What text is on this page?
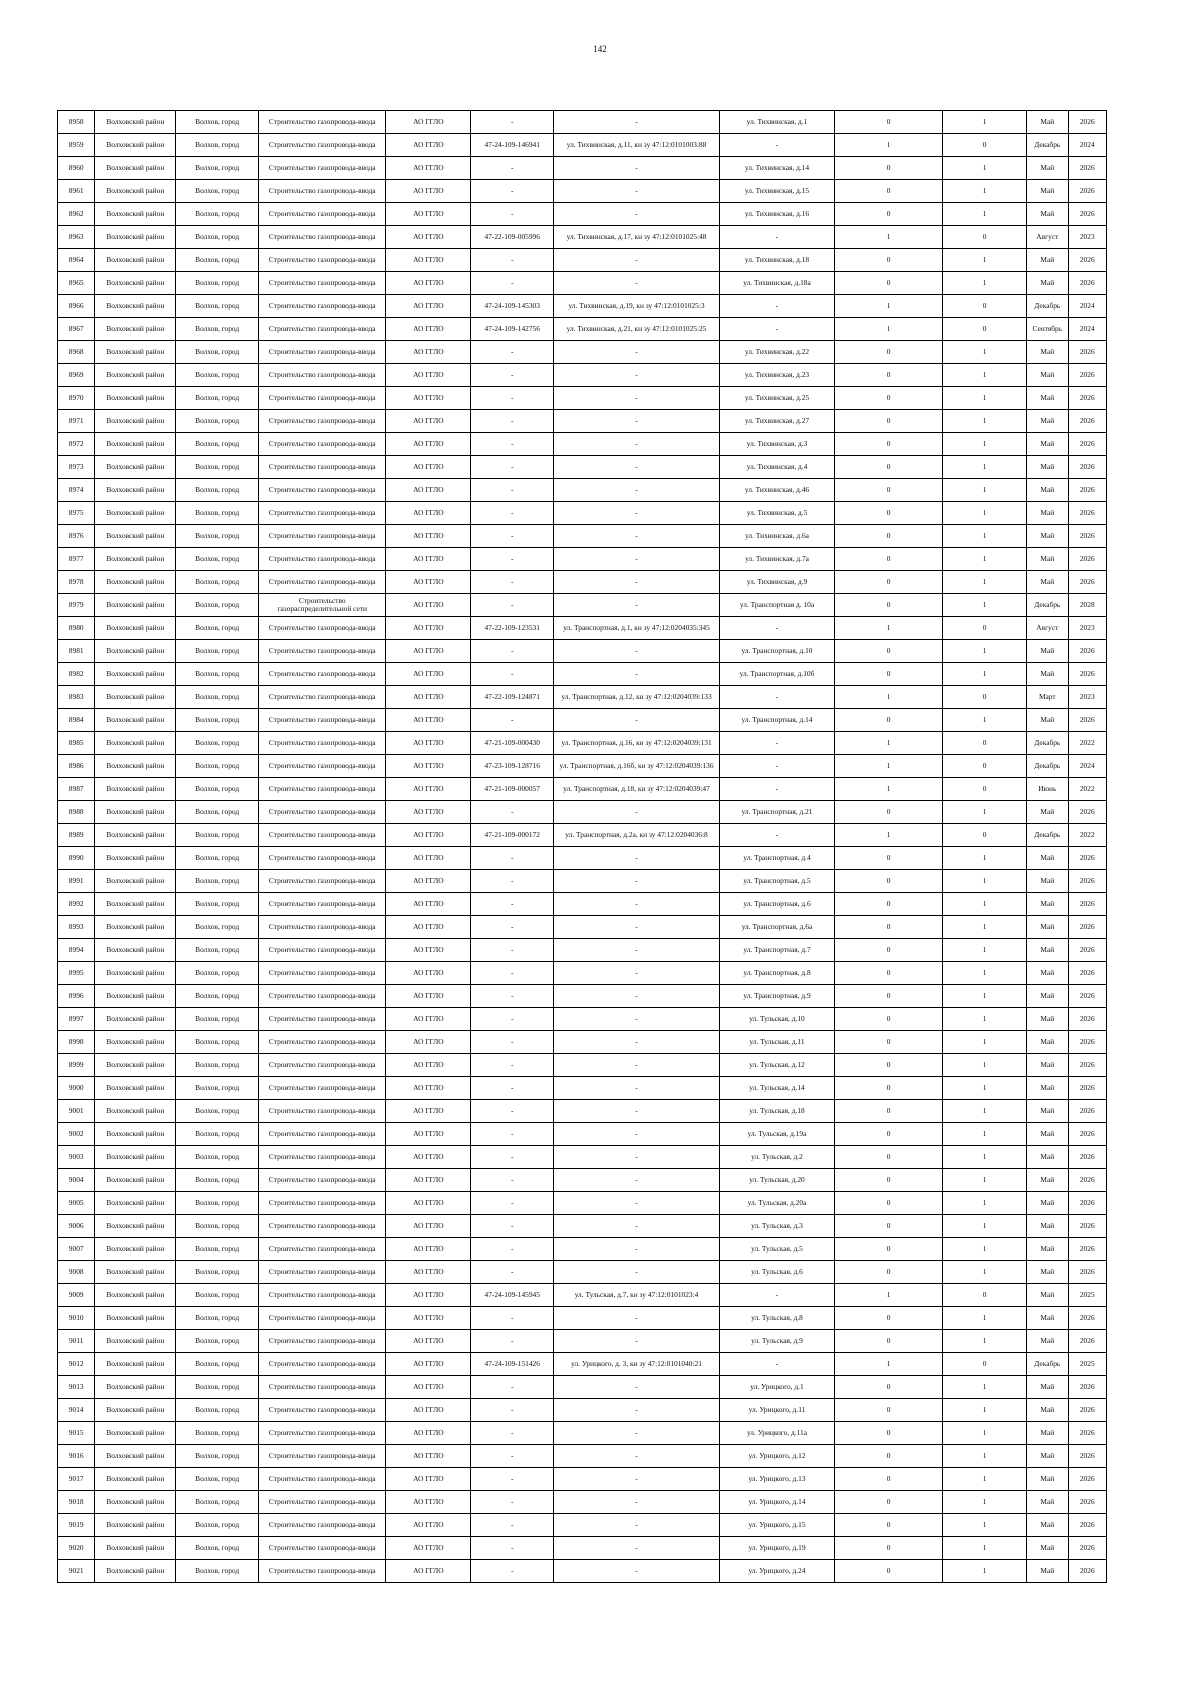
142
8958	Волховский район	Волхов, город	Строительство газопровода-ввода	АО ГГЛО	-	-	ул. Тихвинская, д.1	0	1	Май	2026
8959	Волховский район	Волхов, город	Строительство газопровода-ввода	АО ГГЛО	47-24-109-146941	ул. Тихвинская, д.11, кн зу 47:12:0101003:88	-	1	0	Декабрь	2024
8960	Волховский район	Волхов, город	Строительство газопровода-ввода	АО ГГЛО	-	-	ул. Тихвинская, д.14	0	1	Май	2026
8961	Волховский район	Волхов, город	Строительство газопровода-ввода	АО ГГЛО	-	-	ул. Тихвинская, д.15	0	1	Май	2026
8962	Волховский район	Волхов, город	Строительство газопровода-ввода	АО ГГЛО	-	-	ул. Тихвинская, д.16	0	1	Май	2026
8963	Волховский район	Волхов, город	Строительство газопровода-ввода	АО ГГЛО	47-22-109-005996	ул. Тихвинская, д.17, кн зу 47:12:0101025:48	-	1	0	Август	2023
8964	Волховский район	Волхов, город	Строительство газопровода-ввода	АО ГГЛО	-	-	ул. Тихвинская, д.18	0	1	Май	2026
8965	Волховский район	Волхов, город	Строительство газопровода-ввода	АО ГГЛО	-	-	ул. Тихвинская, д.18а	0	1	Май	2026
8966	Волховский район	Волхов, город	Строительство газопровода-ввода	АО ГГЛО	47-24-109-145303	ул. Тихвинская, д.19, кн зу 47:12:0101025:3	-	1	0	Декабрь	2024
8967	Волховский район	Волхов, город	Строительство газопровода-ввода	АО ГГЛО	47-24-109-142756	ул. Тихвинская, д.21, кн зу 47:12:0101025:25	-	1	0	Сентябрь	2024
8968	Волховский район	Волхов, город	Строительство газопровода-ввода	АО ГГЛО	-	-	ул. Тихвинская, д.22	0	1	Май	2026
8969	Волховский район	Волхов, город	Строительство газопровода-ввода	АО ГГЛО	-	-	ул. Тихвинская, д.23	0	1	Май	2026
8970	Волховский район	Волхов, город	Строительство газопровода-ввода	АО ГГЛО	-	-	ул. Тихвинская, д.25	0	1	Май	2026
8971	Волховский район	Волхов, город	Строительство газопровода-ввода	АО ГГЛО	-	-	ул. Тихвинская, д.27	0	1	Май	2026
8972	Волховский район	Волхов, город	Строительство газопровода-ввода	АО ГГЛО	-	-	ул. Тихвинская, д.3	0	1	Май	2026
8973	Волховский район	Волхов, город	Строительство газопровода-ввода	АО ГГЛО	-	-	ул. Тихвинская, д.4	0	1	Май	2026
8974	Волховский район	Волхов, город	Строительство газопровода-ввода	АО ГГЛО	-	-	ул. Тихвинская, д.46	0	1	Май	2026
8975	Волховский район	Волхов, город	Строительство газопровода-ввода	АО ГГЛО	-	-	ул. Тихвинская, д.5	0	1	Май	2026
8976	Волховский район	Волхов, город	Строительство газопровода-ввода	АО ГГЛО	-	-	ул. Тихвинская, д.6а	0	1	Май	2026
8977	Волховский район	Волхов, город	Строительство газопровода-ввода	АО ГГЛО	-	-	ул. Тихвинская, д.7а	0	1	Май	2026
8978	Волховский район	Волхов, город	Строительство газопровода-ввода	АО ГГЛО	-	-	ул. Тихвинская, д.9	0	1	Май	2026
8979	Волховский район	Волхов, город	Строительство газораспределительной сети	АО ГГЛО	-	-	ул. Транспортная д. 10а	0	1	Декабрь	2028
8980	Волховский район	Волхов, город	Строительство газопровода-ввода	АО ГГЛО	47-22-109-123531	ул. Транспортная, д.1, кн зу 47:12:0204035:345	-	1	0	Август	2023
8981	Волховский район	Волхов, город	Строительство газопровода-ввода	АО ГГЛО	-	-	ул. Транспортная, д.10	0	1	Май	2026
8982	Волховский район	Волхов, город	Строительство газопровода-ввода	АО ГГЛО	-	-	ул. Транспортная, д.10б	0	1	Май	2026
8983	Волховский район	Волхов, город	Строительство газопровода-ввода	АО ГГЛО	47-22-109-124871	ул. Транспортная, д.12, кн зу 47:12:0204039:133	-	1	0	Март	2023
8984	Волховский район	Волхов, город	Строительство газопровода-ввода	АО ГГЛО	-	-	ул. Транспортная, д.14	0	1	Май	2026
8985	Волховский район	Волхов, город	Строительство газопровода-ввода	АО ГГЛО	47-21-109-000430	ул. Транспортная, д.16, кн зу 47:12:0204039:131	-	1	0	Декабрь	2022
8986	Волховский район	Волхов, город	Строительство газопровода-ввода	АО ГГЛО	47-23-109-128716	ул. Транспортная, д.16б, кн зу 47:12:0204039:136	-	1	0	Декабрь	2024
8987	Волховский район	Волхов, город	Строительство газопровода-ввода	АО ГГЛО	47-21-109-000057	ул. Транспортная, д.18, кн зу 47:12:0204039:47	-	1	0	Июнь	2022
8988	Волховский район	Волхов, город	Строительство газопровода-ввода	АО ГГЛО	-	-	ул. Транспортная, д.21	0	1	Май	2026
8989	Волховский район	Волхов, город	Строительство газопровода-ввода	АО ГГЛО	47-21-109-000172	ул. Транспортная, д.2а, кн зу 47:12:0204036:8	-	1	0	Декабрь	2022
8990	Волховский район	Волхов, город	Строительство газопровода-ввода	АО ГГЛО	-	-	ул. Транспортная, д.4	0	1	Май	2026
8991	Волховский район	Волхов, город	Строительство газопровода-ввода	АО ГГЛО	-	-	ул. Транспортная, д.5	0	1	Май	2026
8992	Волховский район	Волхов, город	Строительство газопровода-ввода	АО ГГЛО	-	-	ул. Транспортная, д.6	0	1	Май	2026
8993	Волховский район	Волхов, город	Строительство газопровода-ввода	АО ГГЛО	-	-	ул. Транспортная, д.6а	0	1	Май	2026
8994	Волховский район	Волхов, город	Строительство газопровода-ввода	АО ГГЛО	-	-	ул. Транспортная, д.7	0	1	Май	2026
8995	Волховский район	Волхов, город	Строительство газопровода-ввода	АО ГГЛО	-	-	ул. Транспортная, д.8	0	1	Май	2026
8996	Волховский район	Волхов, город	Строительство газопровода-ввода	АО ГГЛО	-	-	ул. Транспортная, д.9	0	1	Май	2026
8997	Волховский район	Волхов, город	Строительство газопровода-ввода	АО ГГЛО	-	-	ул. Тульская, д.10	0	1	Май	2026
8998	Волховский район	Волхов, город	Строительство газопровода-ввода	АО ГГЛО	-	-	ул. Тульская, д.11	0	1	Май	2026
8999	Волховский район	Волхов, город	Строительство газопровода-ввода	АО ГГЛО	-	-	ул. Тульская, д.12	0	1	Май	2026
9000	Волховский район	Волхов, город	Строительство газопровода-ввода	АО ГГЛО	-	-	ул. Тульская, д.14	0	1	Май	2026
9001	Волховский район	Волхов, город	Строительство газопровода-ввода	АО ГГЛО	-	-	ул. Тульская, д.18	0	1	Май	2026
9002	Волховский район	Волхов, город	Строительство газопровода-ввода	АО ГГЛО	-	-	ул. Тульская, д.19а	0	1	Май	2026
9003	Волховский район	Волхов, город	Строительство газопровода-ввода	АО ГГЛО	-	-	ул. Тульская, д.2	0	1	Май	2026
9004	Волховский район	Волхов, город	Строительство газопровода-ввода	АО ГГЛО	-	-	ул. Тульская, д.20	0	1	Май	2026
9005	Волховский район	Волхов, город	Строительство газопровода-ввода	АО ГГЛО	-	-	ул. Тульская, д.20а	0	1	Май	2026
9006	Волховский район	Волхов, город	Строительство газопровода-ввода	АО ГГЛО	-	-	ул. Тульская, д.3	0	1	Май	2026
9007	Волховский район	Волхов, город	Строительство газопровода-ввода	АО ГГЛО	-	-	ул. Тульская, д.5	0	1	Май	2026
9008	Волховский район	Волхов, город	Строительство газопровода-ввода	АО ГГЛО	-	-	ул. Тульская, д.6	0	1	Май	2026
9009	Волховский район	Волхов, город	Строительство газопровода-ввода	АО ГГЛО	47-24-109-145945	ул. Тульская, д.7, кн зу 47:12:0101023:4	-	1	0	Май	2025
9010	Волховский район	Волхов, город	Строительство газопровода-ввода	АО ГГЛО	-	-	ул. Тульская, д.8	0	1	Май	2026
9011	Волховский район	Волхов, город	Строительство газопровода-ввода	АО ГГЛО	-	-	ул. Тульская, д.9	0	1	Май	2026
9012	Волховский район	Волхов, город	Строительство газопровода-ввода	АО ГГЛО	47-24-109-151426	ул. Урицкого, д. 3, кн зу 47:12:0101040:21	-	1	0	Декабрь	2025
9013	Волховский район	Волхов, город	Строительство газопровода-ввода	АО ГГЛО	-	-	ул. Урицкого, д.1	0	1	Май	2026
9014	Волховский район	Волхов, город	Строительство газопровода-ввода	АО ГГЛО	-	-	ул. Урицкого, д.11	0	1	Май	2026
9015	Волховский район	Волхов, город	Строительство газопровода-ввода	АО ГГЛО	-	-	ул. Урицкого, д.11а	0	1	Май	2026
9016	Волховский район	Волхов, город	Строительство газопровода-ввода	АО ГГЛО	-	-	ул. Урицкого, д.12	0	1	Май	2026
9017	Волховский район	Волхов, город	Строительство газопровода-ввода	АО ГГЛО	-	-	ул. Урицкого, д.13	0	1	Май	2026
9018	Волховский район	Волхов, город	Строительство газопровода-ввода	АО ГГЛО	-	-	ул. Урицкого, д.14	0	1	Май	2026
9019	Волховский район	Волхов, город	Строительство газопровода-ввода	АО ГГЛО	-	-	ул. Урицкого, д.15	0	1	Май	2026
9020	Волховский район	Волхов, город	Строительство газопровода-ввода	АО ГГЛО	-	-	ул. Урицкого, д.19	0	1	Май	2026
9021	Волховский район	Волхов, город	Строительство газопровода-ввода	АО ГГЛО	-	-	ул. Урицкого, д.24	0	1	Май	2026
